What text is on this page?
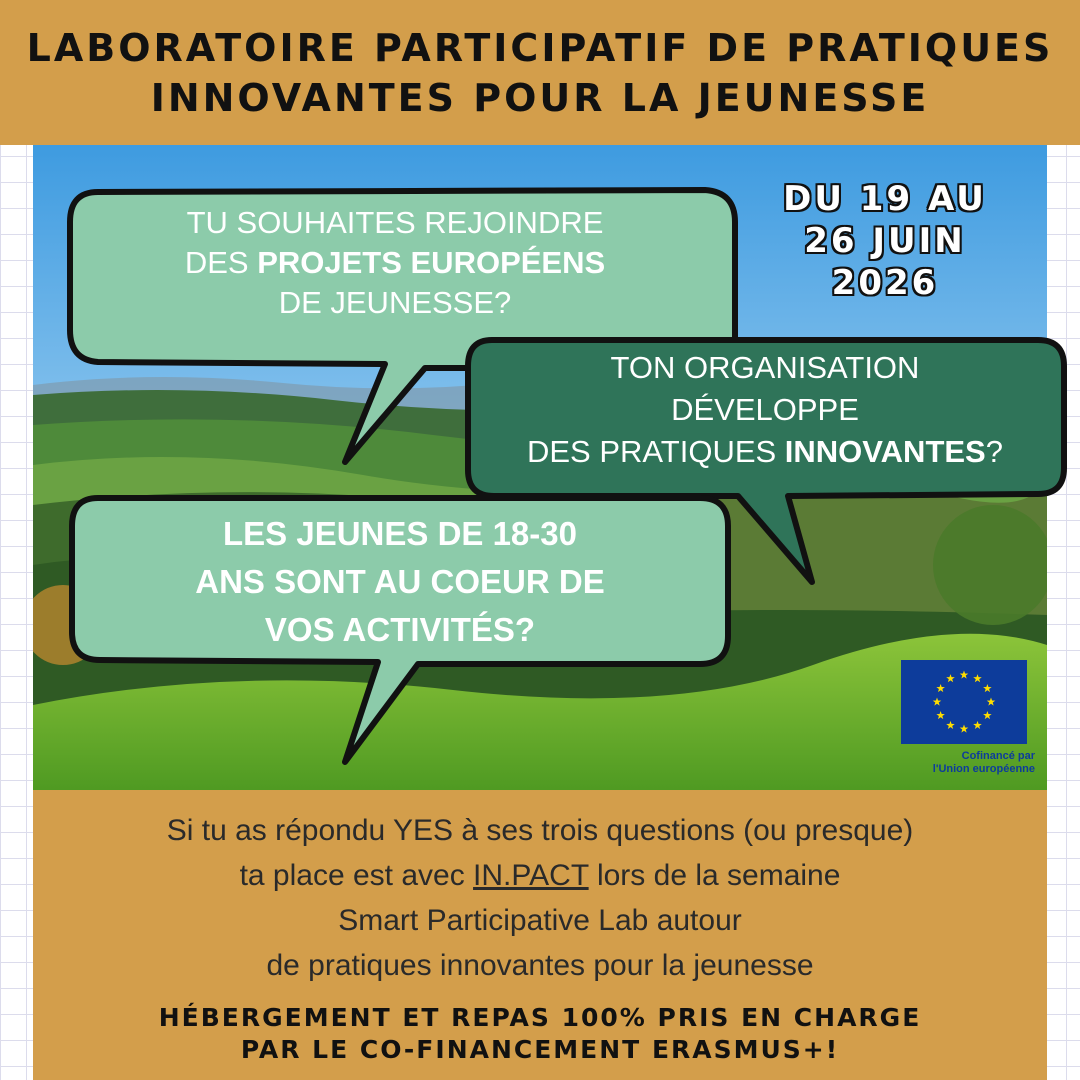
LABORATOIRE PARTICIPATIF DE PRATIQUES
INNOVANTES POUR LA JEUNESSE
DU 19 AU
26 JUIN
2026
TU SOUHAITES REJOINDRE
DES PROJETS EUROPÉENS
DE JEUNESSE?
TON ORGANISATION
DÉVELOPPE
DES PRATIQUES INNOVANTES?
LES JEUNES DE 18-30
ANS SONT AU COEUR DE
VOS ACTIVITÉS?
Cofinancé par
l'Union européenne
Si tu as répondu YES à ses trois questions (ou presque)
ta place est avec IN.PACT lors de la semaine
Smart Participative Lab autour
de pratiques innovantes pour la jeunesse
HÉBERGEMENT ET REPAS 100% PRIS EN CHARGE
PAR LE CO-FINANCEMENT ERASMUS+!
